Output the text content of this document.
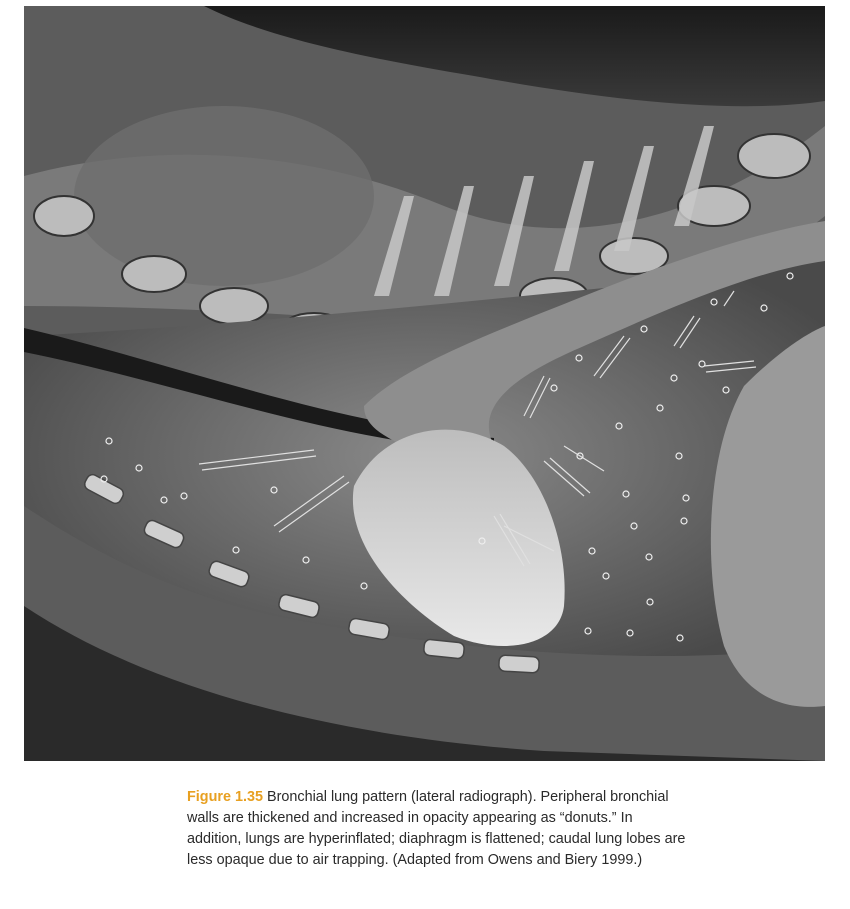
Figure 1.35 Bronchial lung pattern (lateral radiograph). Peripheral bronchial walls are thickened and increased in opacity appearing as “donuts.” In addition, lungs are hyperinflated; diaphragm is flattened; caudal lung lobes are less opaque due to air trapping. (Adapted from Owens and Biery 1999.)
